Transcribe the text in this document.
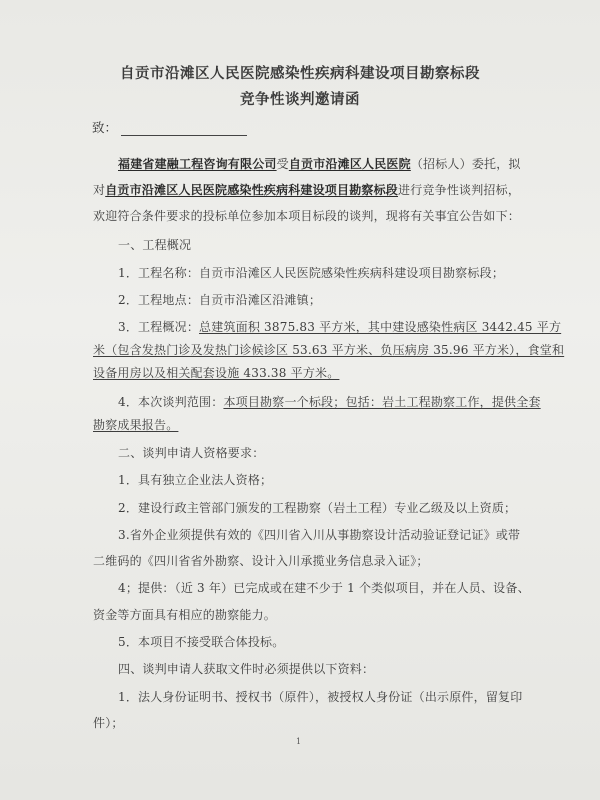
自贡市沿滩区人民医院感染性疾病科建设项目勘察标段
竞争性谈判邀请函
致：
福建省建融工程咨询有限公司受自贡市沿滩区人民医院（招标人）委托，拟
对自贡市沿滩区人民医院感染性疾病科建设项目勘察标段进行竞争性谈判招标，
欢迎符合条件要求的投标单位参加本项目标段的谈判，现将有关事宜公告如下：
一、工程概况
1．工程名称：自贡市沿滩区人民医院感染性疾病科建设项目勘察标段；
2．工程地点：自贡市沿滩区沿滩镇；
3．工程概况：总建筑面积 3875.83 平方米，其中建设感染性病区 3442.45 平方
米（包含发热门诊及发热门诊候诊区 53.63 平方米、负压病房 35.96 平方米），食堂和
设备用房以及相关配套设施 433.38 平方米。
4．本次谈判范围：本项目勘察一个标段；包括：岩土工程勘察工作，提供全套
勘察成果报告。
二、谈判申请人资格要求：
1．具有独立企业法人资格；
2．建设行政主管部门颁发的工程勘察（岩土工程）专业乙级及以上资质；
3.省外企业须提供有效的《四川省入川从事勘察设计活动验证登记证》或带
二维码的《四川省省外勘察、设计入川承揽业务信息录入证》；
4；提供：（近 3 年）已完成或在建不少于 1 个类似项目，并在人员、设备、
资金等方面具有相应的勘察能力。
5．本项目不接受联合体投标。
四、谈判申请人获取文件时必须提供以下资料：
1．法人身份证明书、授权书（原件），被授权人身份证（出示原件，留复印
件）；
1
